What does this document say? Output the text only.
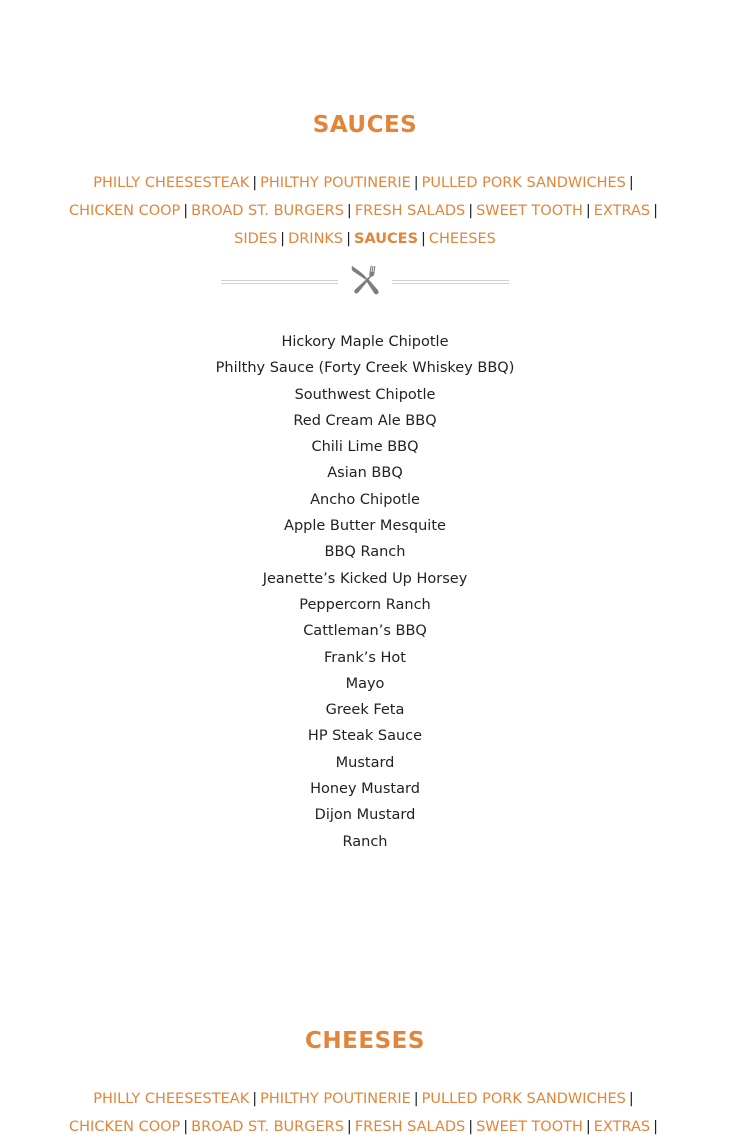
SAUCES
PHILLY CHEESESTEAK | PHILTHY POUTINERIE | PULLED PORK SANDWICHES |
CHICKEN COOP | BROAD ST. BURGERS | FRESH SALADS | SWEET TOOTH | EXTRAS |
SIDES | DRINKS | SAUCES | CHEESES
Hickory Maple Chipotle
Philthy Sauce (Forty Creek Whiskey BBQ)
Southwest Chipotle
Red Cream Ale BBQ
Chili Lime BBQ
Asian BBQ
Ancho Chipotle
Apple Butter Mesquite
BBQ Ranch
Jeanette’s Kicked Up Horsey
Peppercorn Ranch
Cattleman’s BBQ
Frank’s Hot
Mayo
Greek Feta
HP Steak Sauce
Mustard
Honey Mustard
Dijon Mustard
Ranch
CHEESES
PHILLY CHEESESTEAK | PHILTHY POUTINERIE | PULLED PORK SANDWICHES |
CHICKEN COOP | BROAD ST. BURGERS | FRESH SALADS | SWEET TOOTH | EXTRAS |
